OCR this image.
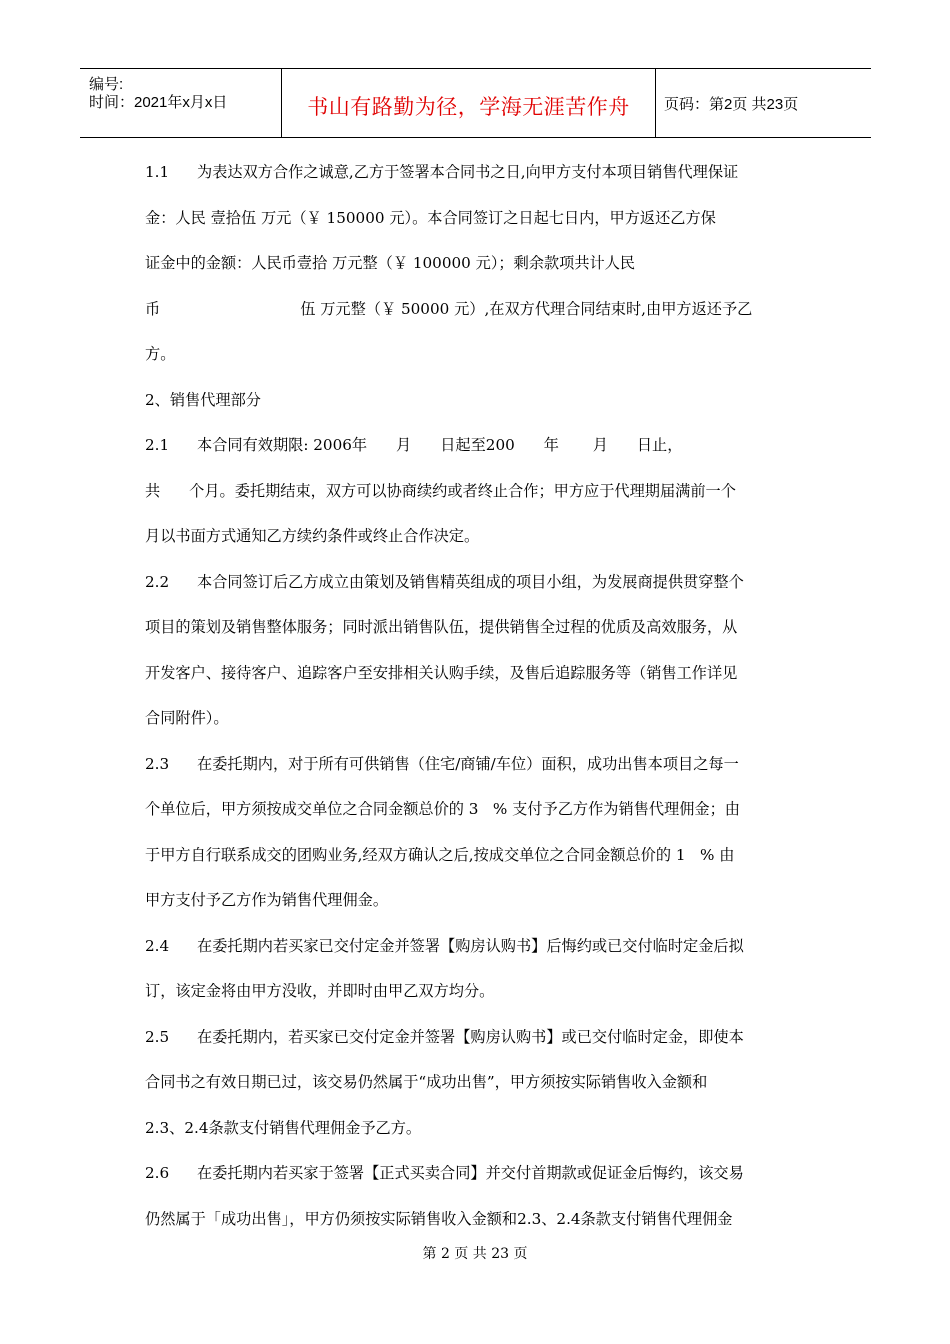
编号:
时间：2021年x月x日	书山有路勤为径，学海无涯苦作舟	页码：第2页 共23页

1.1 为表达双方合作之诚意,乙方于签署本合同书之日,向甲方支付本项目销售代理保证

金：人民 壹拾伍 万元（￥ 150000 元）。本合同签订之日起七日内，甲方返还乙方保

证金中的金额：人民币壹拾 万元整（￥ 100000 元）；剩余款项共计人民

币	伍 万元整（￥ 50000 元）,在双方代理合同结束时,由甲方返还予乙

方。

2、销售代理部分

2.1 本合同有效期限: 2006年      月      日起至200      年       月      日止，

共      个月。委托期结束，双方可以协商续约或者终止合作；甲方应于代理期届满前一个

月以书面方式通知乙方续约条件或终止合作决定。

2.2 本合同签订后乙方成立由策划及销售精英组成的项目小组，为发展商提供贯穿整个

项目的策划及销售整体服务；同时派出销售队伍，提供销售全过程的优质及高效服务，从

开发客户、接待客户、追踪客户至安排相关认购手续，及售后追踪服务等（销售工作详见

合同附件）。

2.3 在委托期内，对于所有可供销售（住宅/商铺/车位）面积，成功出售本项目之每一

个单位后，甲方须按成交单位之合同金额总价的 3   % 支付予乙方作为销售代理佣金；由

于甲方自行联系成交的团购业务,经双方确认之后,按成交单位之合同金额总价的 1   % 由

甲方支付予乙方作为销售代理佣金。

2.4 在委托期内若买家已交付定金并签署【购房认购书】后悔约或已交付临时定金后拟

订，该定金将由甲方没收，并即时由甲乙双方均分。

2.5 在委托期内，若买家已交付定金并签署【购房认购书】或已交付临时定金，即使本

合同书之有效日期已过，该交易仍然属于“成功出售”，甲方须按实际销售收入金额和

2.3、2.4条款支付销售代理佣金予乙方。

2.6 在委托期内若买家于签署【正式买卖合同】并交付首期款或促证金后悔约，该交易

仍然属于「成功出售」，甲方仍须按实际销售收入金额和2.3、2.4条款支付销售代理佣金

第 2 页 共 23 页
